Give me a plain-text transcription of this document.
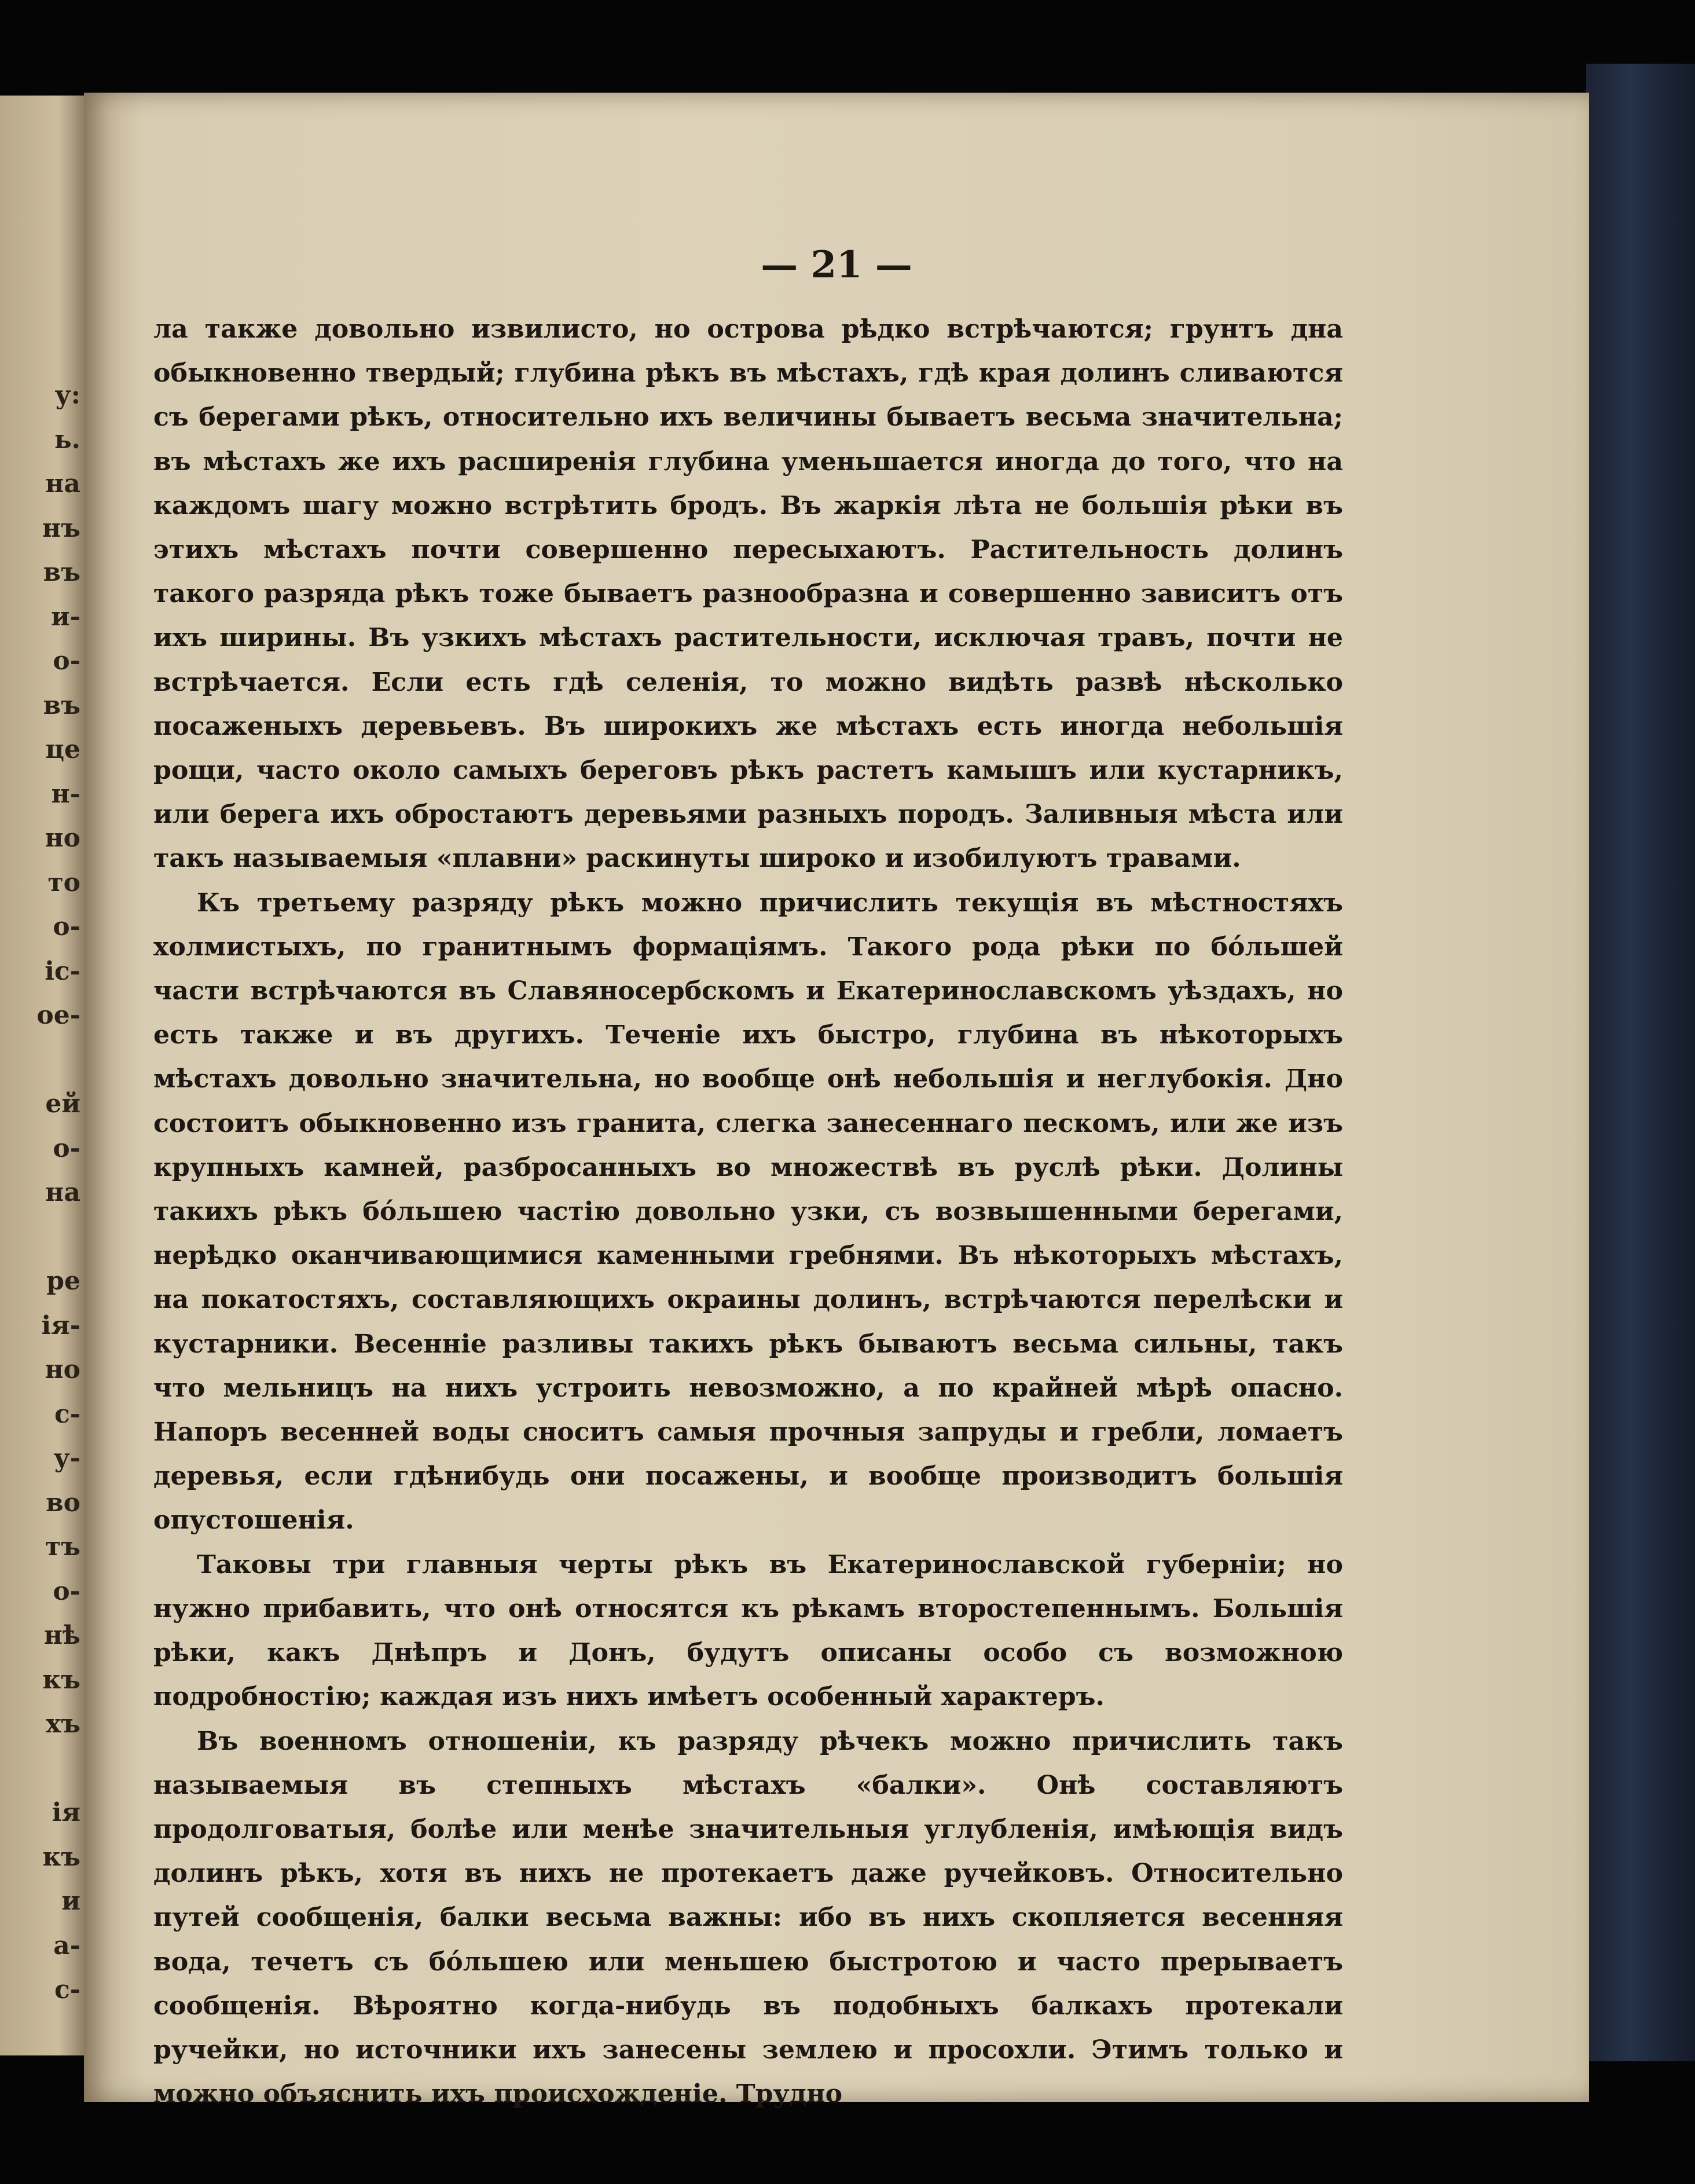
у:
ь.
на
нъ
въ
и-
о-
въ
це
н-
но
то
о-
ic-
ое-
ей
о-
на
ре
ія-
но
с-
у-
во
тъ
о-
нѣ
къ
хъ
ія
къ
и
а-
с-
— 21 —

ла также довольно извилисто, но острова рѣдко встрѣчаются; грунтъ дна обыкновенно твердый; глубина рѣкъ въ мѣстахъ, гдѣ края долинъ сливаются съ берегами рѣкъ, относительно ихъ величины бываетъ весьма значительна; въ мѣстахъ же ихъ расширенія глубина уменьшается иногда до того, что на каждомъ шагу можно встрѣтить бродъ. Въ жаркія лѣта не большія рѣки въ этихъ мѣстахъ почти совершенно пересыхаютъ. Растительность долинъ такого разряда рѣкъ тоже бываетъ разнообразна и совершенно зависитъ отъ ихъ ширины. Въ узкихъ мѣстахъ растительности, исключая травъ, почти не встрѣчается. Если есть гдѣ селенія, то можно видѣть развѣ нѣсколько посаженыхъ деревьевъ. Въ широкихъ же мѣстахъ есть иногда небольшія рощи, часто около самыхъ береговъ рѣкъ растетъ камышъ или кустарникъ, или берега ихъ обростаютъ деревьями разныхъ породъ. Заливныя мѣста или такъ называемыя «плавни» раскинуты широко и изобилуютъ травами.

Къ третьему разряду рѣкъ можно причислить текущія въ мѣстностяхъ холмистыхъ, по гранитнымъ формаціямъ. Такого рода рѣки по бóльшей части встрѣчаются въ Славяносербскомъ и Екатеринославскомъ уѣздахъ, но есть также и въ другихъ. Теченіе ихъ быстро, глубина въ нѣкоторыхъ мѣстахъ довольно значительна, но вообще онѣ небольшія и неглубокія. Дно состоитъ обыкновенно изъ гранита, слегка занесеннаго пескомъ, или же изъ крупныхъ камней, разбросанныхъ во множествѣ въ руслѣ рѣки. Долины такихъ рѣкъ бóльшею частію довольно узки, съ возвышенными берегами, нерѣдко оканчивающимися каменными гребнями. Въ нѣкоторыхъ мѣстахъ, на покатостяхъ, составляющихъ окраины долинъ, встрѣчаются перелѣски и кустарники. Весенніе разливы такихъ рѣкъ бываютъ весьма сильны, такъ что мельницъ на нихъ устроить невозможно, а по крайней мѣрѣ опасно. Напоръ весенней воды сноситъ самыя прочныя запруды и гребли, ломаетъ деревья, если гдѣнибудь они посажены, и вообще производитъ большія опустошенія.

Таковы три главныя черты рѣкъ въ Екатеринославской губерніи; но нужно прибавить, что онѣ относятся къ рѣкамъ второстепеннымъ. Большія рѣки, какъ Днѣпръ и Донъ, будутъ описаны особо съ возможною подробностію; каждая изъ нихъ имѣетъ особенный характеръ.

Въ военномъ отношеніи, къ разряду рѣчекъ можно причислить такъ называемыя въ степныхъ мѣстахъ «балки». Онѣ составляютъ продолговатыя, болѣе или менѣе значительныя углубленія, имѣющія видъ долинъ рѣкъ, хотя въ нихъ не протекаетъ даже ручейковъ. Относительно путей сообщенія, балки весьма важны: ибо въ нихъ скопляется весенняя вода, течетъ съ бóльшею или меньшею быстротою и часто прерываетъ сообщенія. Вѣроятно когда-нибудь въ подобныхъ балкахъ протекали ручейки, но источники ихъ занесены землею и просохли. Этимъ только и можно объяснить ихъ происхожденіе. Трудно
